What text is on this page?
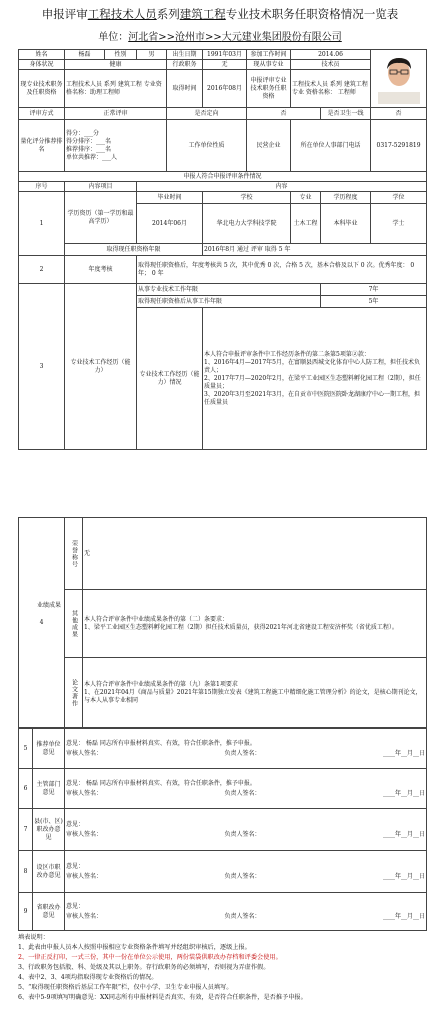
申报评审工程技术人员系列建筑工程专业技术职务任职资格情况一览表
单位：河北省>>沧州市>>大元建业集团股份有限公司
姓名	杨磊	性别	男	出生日期	1991年03月	参加工作时间	2014.06	
身体状况	健康			行政职务	无	现从事专业	技术员		
现专业技术职务及任职资格	工程技术人员 系列 建筑工程 专业资格名称：助理工程师			取得时间	2016年08月	申报评审专业技术职务任职资格	工程技术人员 系列 建筑工程 专业 资格名称： 工程师		
评审方式	正常评审			是否定向		否		是否卫生一线	否
量化评分推荐排名	得分：___分
得分排序：___名
推荐排序：___名
单位共推荐：___人			工作单位性质		民营企业	所在单位人事部门电话		0317-5291819
申报人符合申报评审条件情况									
序号	内容项目		内容						
1	学历资历（第一学历和最高学历）		毕业时间		学校		专业	学历程度	学位
			2014年06月		华北电力大学科技学院		土木工程	本科毕业	学士
	取得现任职资格年限				2016年8月 通过 评审 取得 5 年				
2	年度考核		取得现任职资格后，年度考核共 5 次，其中优秀 0 次，合格 5 次，基本合格及以下 0 次。优秀年度： 0 年； 0 年						
3	专业技术工作经历（能力）		从事专业技术工作年限					7年	
			取得现任职资格后从事工作年限					5年	
			专业技术工作经历（能力）情况		本人符合申报评审条件中工作经历条件的第二条第5项第②款：
1、2016年4月—2017年5月，在富顺县西城文化体育中心人防工程，担任技术负责人；
2、2017年7月—2020年2月，在梁平工业园区生态塑料孵化园工程（2期），担任质量员；
3、2020年3月至2021年3月，在自贡市中医院医院卧龙湖康疗中心一期工程，担任质量员				
4	荣誉称号	无
	其他成果	本人符合评审条件中业绩成果条件的第（二）条要求：
1、梁平工业园区生态塑料孵化园工程（2期）担任技术质量员，获得2021年河北省建设工程安济杯奖（省优质工程）。

	论文著作	本人符合评审条件中业绩成果条件的第（九）条第1项要求
1、在2021年04月《商品与质量》2021年第15期独立发表《建筑工程施工中精细化施工管理分析》的论文，是核心期刊论文，与本人从事专业相同

业绩成果
5	推荐单位意见	意见： 杨磊 同志所有申报材料真实、有效，符合任职条件，推予申报。
审核人签名： 负责人签名： ____年__月__日

6	主管部门意见	意见： 杨磊 同志所有申报材料真实、有效，符合任职条件，推予申报。
审核人签名： 负责人签名： ____年__月__日

7	县(市、区)职改办意见	意见：
审核人签名： 负责人签名： ____年__月__日

8	设区市职改办意见	意见：
审核人签名： 负责人签名： ____年__月__日

9	省职改办意见	意见：
审核人签名： 负责人签名： ____年__月__日
填表说明：
1、此表由申报人员本人按照申报相应专业资格条件填写并经组织审核后，逐级上报。
2、一律正反打印，一式三份，其中一份在单位公示使用，两份装袋供职改办存档和评委会使用。
3、行政职务包括股、科、处级及其以上职务。存行政职务的必须填写，否则视为弄虚作假。
4、表中2、3、4项均指取得现专业资格后的情况。
5、“取得现任职资格后基层工作年限”栏，仅中小学、卫生专业申报人员填写。
6、表中5-9项填写明确意见：XX同志所有申报材料是否真实、有效，是否符合任职条件，是否推予申报。
